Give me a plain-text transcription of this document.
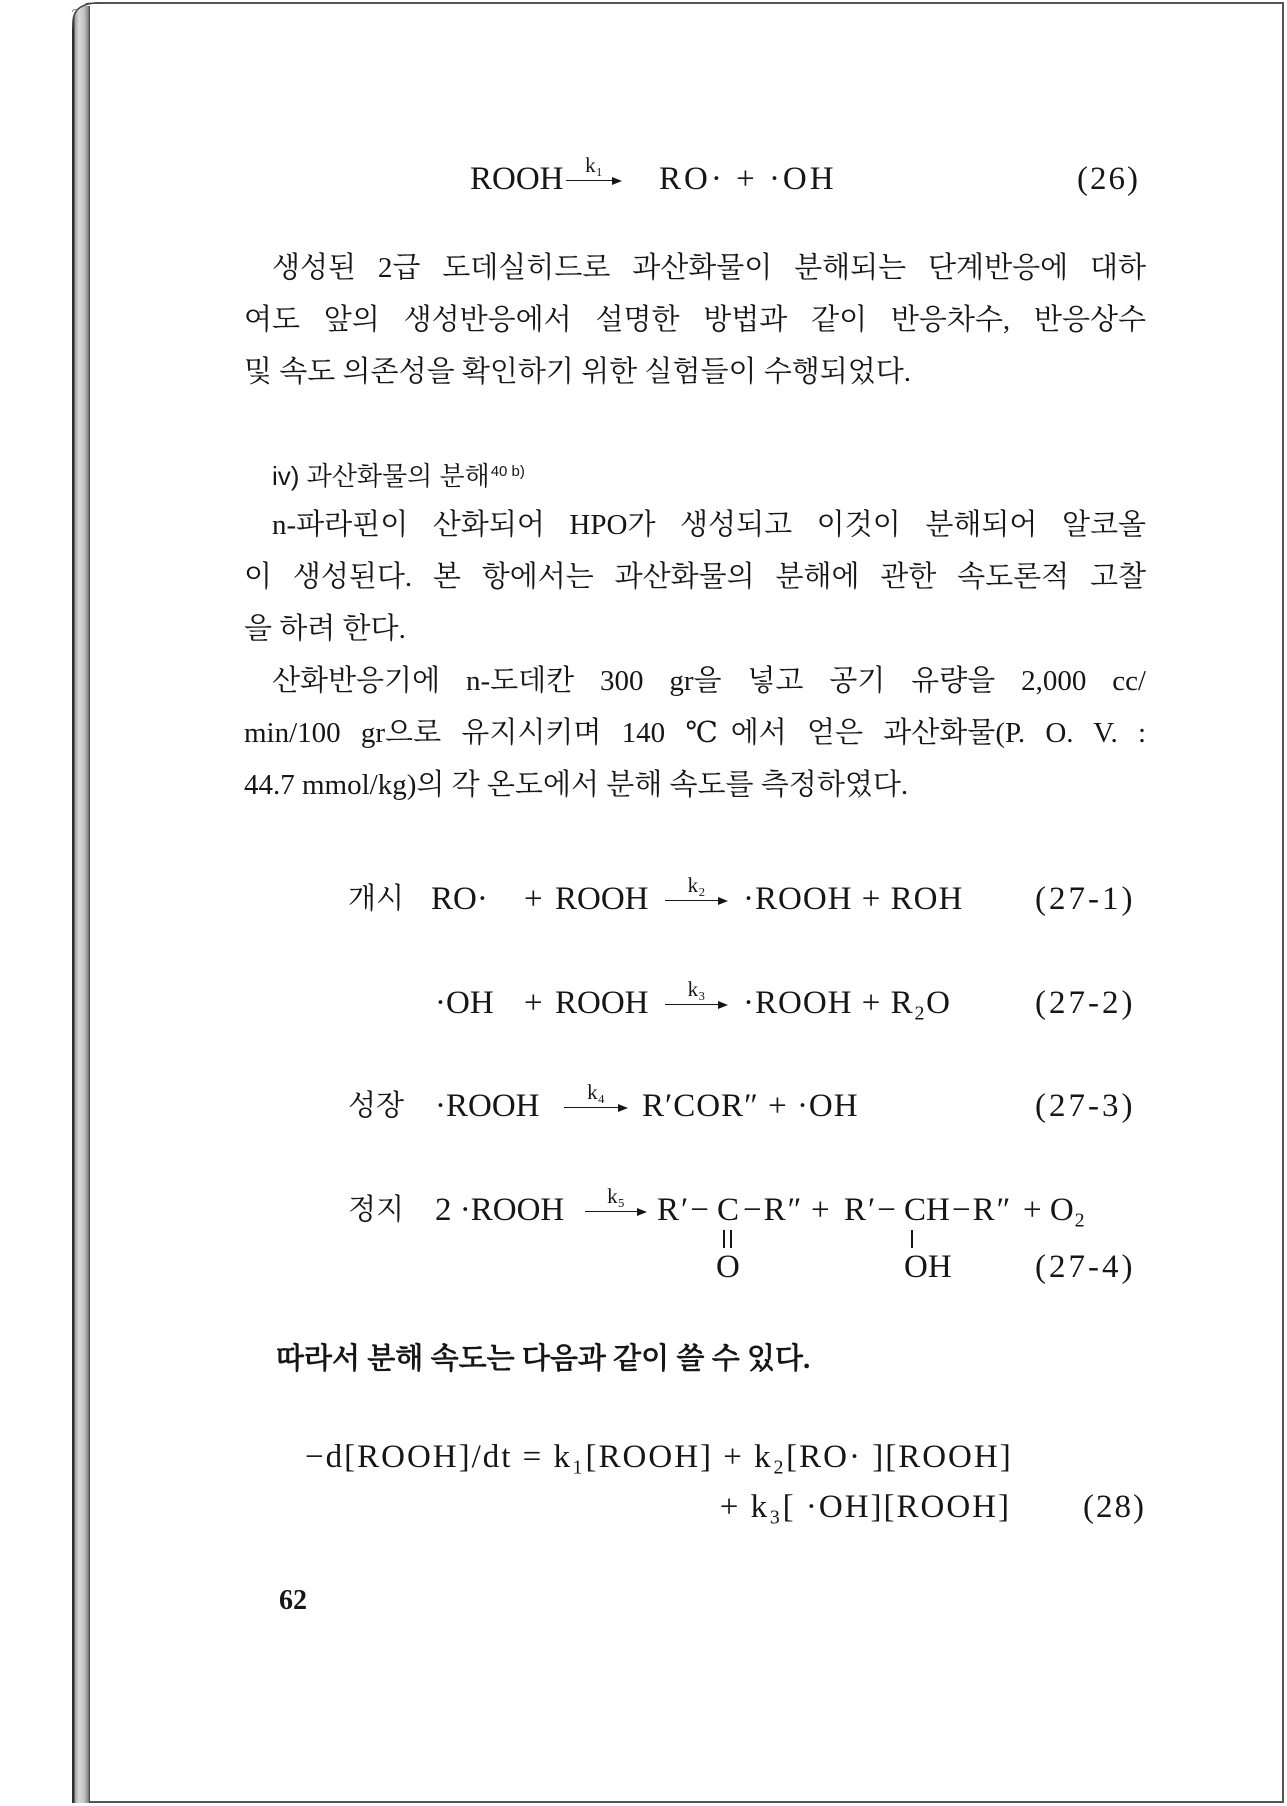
ROOH	k₁	RO· + ·OH	(26)
생성된 2급 도데실히드로 과산화물이 분해되는 단계반응에 대하
여도 앞의 생성반응에서 설명한 방법과 같이 반응차수, 반응상수
및 속도 의존성을 확인하기 위한 실험들이 수행되었다.
iv) 과산화물의 분해$^{40 b)}$
n-파라핀이 산화되어 HPO가 생성되고 이것이 분해되어 알코올
이 생성된다. 본 항에서는 과산화물의 분해에 관한 속도론적 고찰
을 하려 한다.
산화반응기에 n-도데칸 300 gr을 넣고 공기 유량을 2,000 cc/
min/100 gr으로 유지시키며 140 ℃에서 얻은 과산화물(P. O. V. :
44.7 mmol/kg)의 각 온도에서 분해 속도를 측정하였다.
개시 RO· + ROOH	k₂	·ROOH + ROH (27-1)
·OH + ROOH	k₃	·ROOH + R₂O	(27-2)
성장 ·ROOH	k₄	R′COR″ + ·OH	(27-3)
정지 2 ·ROOH	k₅ R′− C −R″
O
+ R′− CH −R″
OH
+ O₂
(27-4)
따라서 분해 속도는 다음과 같이 쓸 수 있다.
−d[ROOH]/dt = k₁[ROOH] + k₂[RO· ][ROOH]
+ k₃[ ·OH][ROOH] (28)
62
